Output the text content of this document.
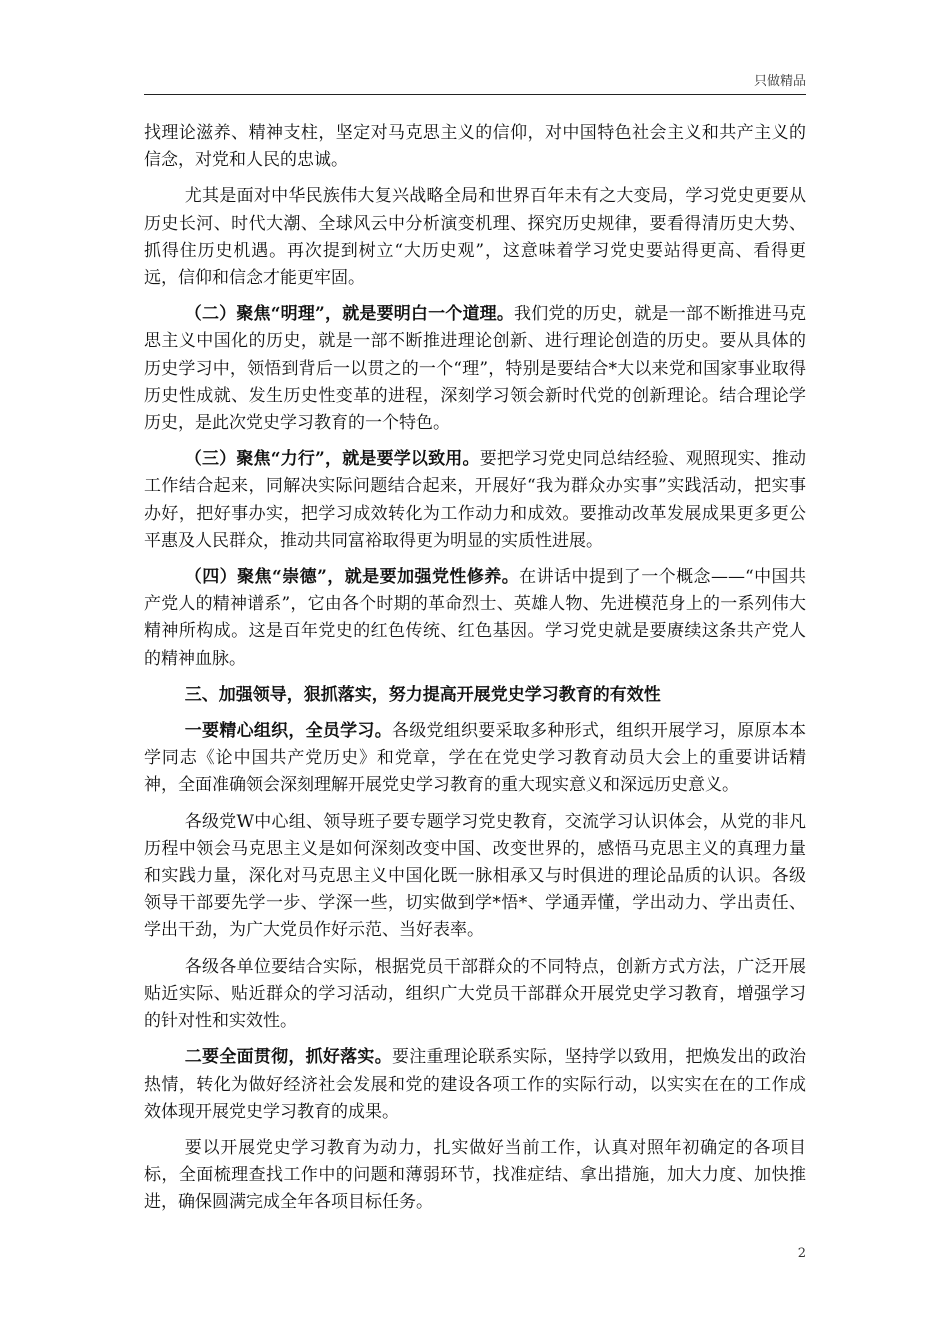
只做精品

找理论滋养、精神支柱，坚定对马克思主义的信仰，对中国特色社会主义和共产主义的信念，对党和人民的忠诚。

尤其是面对中华民族伟大复兴战略全局和世界百年未有之大变局，学习党史更要从历史长河、时代大潮、全球风云中分析演变机理、探究历史规律，要看得清历史大势、抓得住历史机遇。再次提到树立“大历史观”，这意味着学习党史要站得更高、看得更远，信仰和信念才能更牢固。

（二）聚焦“明理”，就是要明白一个道理。我们党的历史，就是一部不断推进马克思主义中国化的历史，就是一部不断推进理论创新、进行理论创造的历史。要从具体的历史学习中，领悟到背后一以贯之的一个“理”，特别是要结合*大以来党和国家事业取得历史性成就、发生历史性变革的进程，深刻学习领会新时代党的创新理论。结合理论学历史，是此次党史学习教育的一个特色。

（三）聚焦“力行”，就是要学以致用。要把学习党史同总结经验、观照现实、推动工作结合起来，同解决实际问题结合起来，开展好“我为群众办实事”实践活动，把实事办好，把好事办实，把学习成效转化为工作动力和成效。要推动改革发展成果更多更公平惠及人民群众，推动共同富裕取得更为明显的实质性进展。

（四）聚焦“崇德”，就是要加强党性修养。在讲话中提到了一个概念——“中国共产党人的精神谱系”，它由各个时期的革命烈士、英雄人物、先进模范身上的一系列伟大精神所构成。这是百年党史的红色传统、红色基因。学习党史就是要赓续这条共产党人的精神血脉。

三、加强领导，狠抓落实，努力提高开展党史学习教育的有效性

一要精心组织，全员学习。各级党组织要采取多种形式，组织开展学习，原原本本学同志《论中国共产党历史》和党章，学在在党史学习教育动员大会上的重要讲话精神，全面准确领会深刻理解开展党史学习教育的重大现实意义和深远历史意义。

各级党W中心组、领导班子要专题学习党史教育，交流学习认识体会，从党的非凡历程中领会马克思主义是如何深刻改变中国、改变世界的，感悟马克思主义的真理力量和实践力量，深化对马克思主义中国化既一脉相承又与时俱进的理论品质的认识。各级领导干部要先学一步、学深一些，切实做到学*悟*、学通弄懂，学出动力、学出责任、学出干劲，为广大党员作好示范、当好表率。

各级各单位要结合实际，根据党员干部群众的不同特点，创新方式方法，广泛开展贴近实际、贴近群众的学习活动，组织广大党员干部群众开展党史学习教育，增强学习的针对性和实效性。

二要全面贯彻，抓好落实。要注重理论联系实际，坚持学以致用，把焕发出的政治热情，转化为做好经济社会发展和党的建设各项工作的实际行动，以实实在在的工作成效体现开展党史学习教育的成果。

要以开展党史学习教育为动力，扎实做好当前工作，认真对照年初确定的各项目标，全面梳理查找工作中的问题和薄弱环节，找准症结、拿出措施，加大力度、加快推进，确保圆满完成全年各项目标任务。

2
